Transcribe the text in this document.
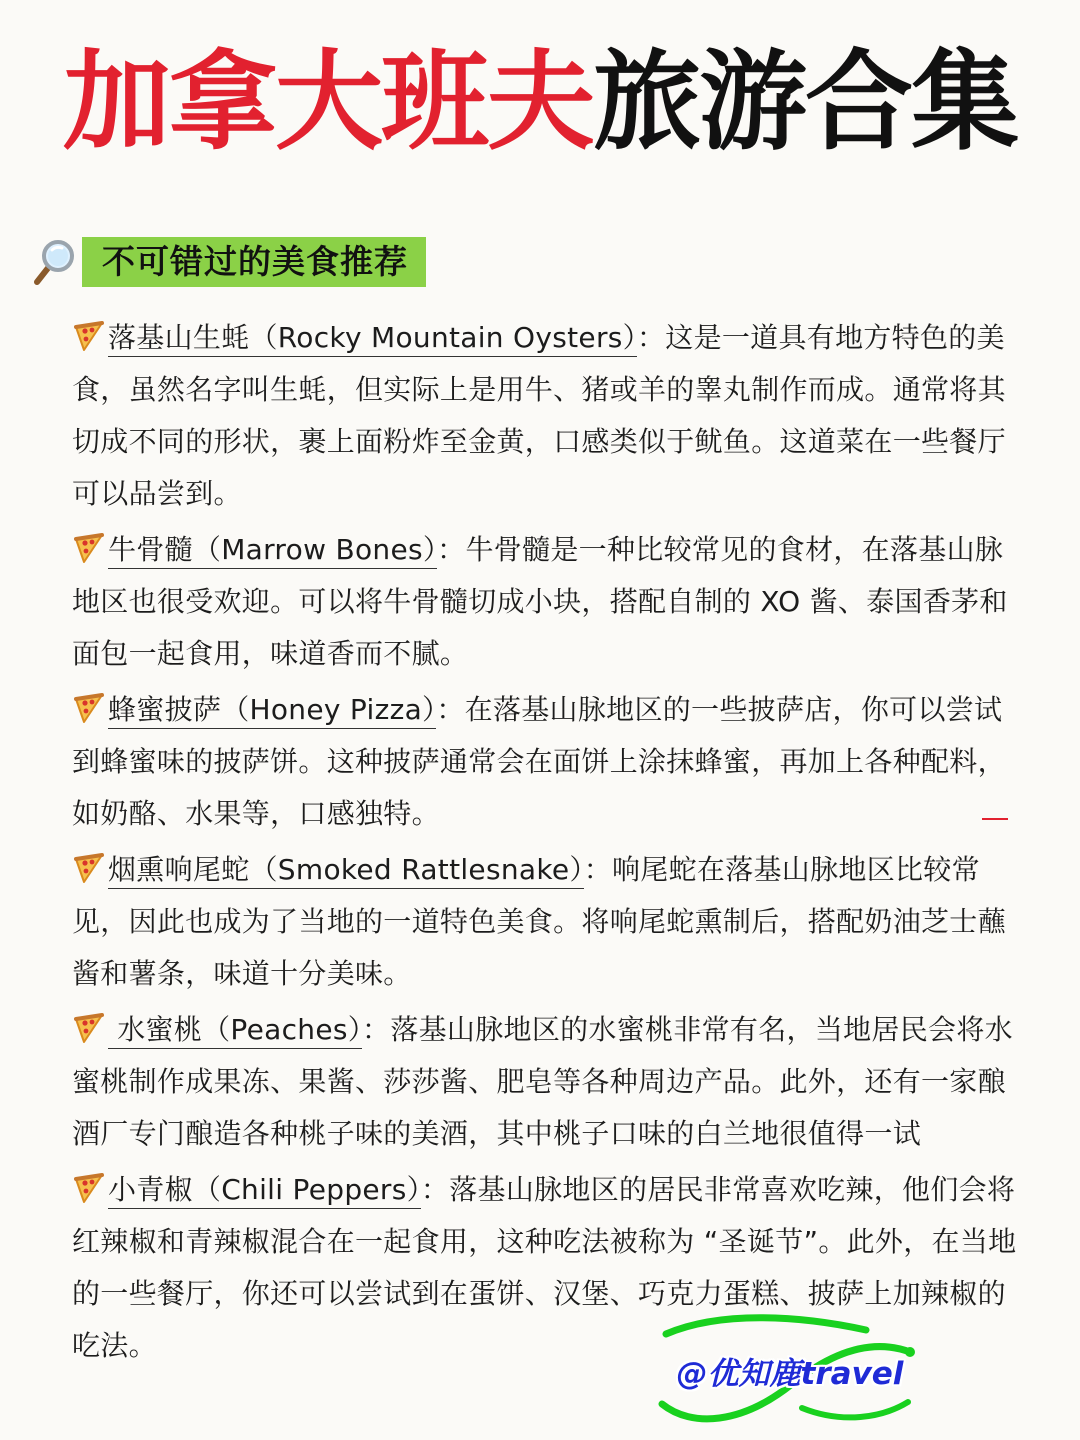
加拿大班夫旅游合集
不可错过的美食推荐
落基山生蚝（Rocky Mountain Oysters）：这是一道具有地方特色的美食，虽然名字叫生蚝，但实际上是用牛、猪或羊的睾丸制作而成。通常将其切成不同的形状，裹上面粉炸至金黄，口感类似于鱿鱼。这道菜在一些餐厅可以品尝到。
牛骨髓（Marrow Bones）：牛骨髓是一种比较常见的食材，在落基山脉地区也很受欢迎。可以将牛骨髓切成小块，搭配自制的 XO 酱、泰国香茅和面包一起食用，味道香而不腻。
蜂蜜披萨（Honey Pizza）：在落基山脉地区的一些披萨店，你可以尝试到蜂蜜味的披萨饼。这种披萨通常会在面饼上涂抹蜂蜜，再加上各种配料，如奶酪、水果等，口感独特。
烟熏响尾蛇（Smoked Rattlesnake）：响尾蛇在落基山脉地区比较常见，因此也成为了当地的一道特色美食。将响尾蛇熏制后，搭配奶油芝士蘸酱和薯条，味道十分美味。
水蜜桃（Peaches）：落基山脉地区的水蜜桃非常有名，当地居民会将水蜜桃制作成果冻、果酱、莎莎酱、肥皂等各种周边产品。此外，还有一家酿酒厂专门酿造各种桃子味的美酒，其中桃子口味的白兰地很值得一试
小青椒（Chili Peppers）：落基山脉地区的居民非常喜欢吃辣，他们会将红辣椒和青辣椒混合在一起食用，这种吃法被称为 “圣诞节”。此外，在当地的一些餐厅，你还可以尝试到在蛋饼、汉堡、巧克力蛋糕、披萨上加辣椒的吃法。
@优知鹿travel
